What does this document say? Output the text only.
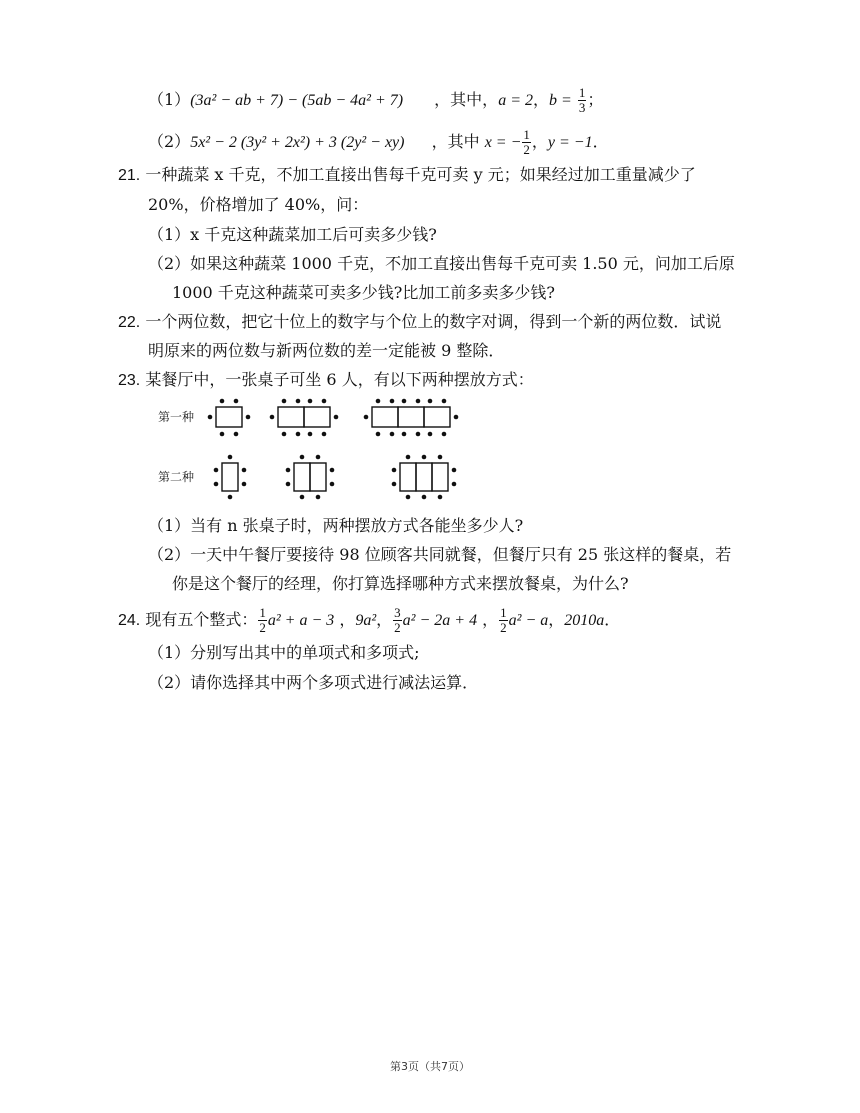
（1）(3a² − ab + 7) − (5ab − 4a² + 7) ，其中，a = 2，$b = \frac{1}{3}$ ；
（2）5x² − 2 (3y² + 2x²) + 3 (2y² − xy) ，其中 x = − $\frac{1}{2}$ ，y = −1．
21. 一种蔬菜 x 千克，不加工直接出售每千克可卖 y 元；如果经过加工重量减少了
20%，价格增加了 40%，问：
（1）x 千克这种蔬菜加工后可卖多少钱?
（2）如果这种蔬菜 1000 千克，不加工直接出售每千克可卖 1.50 元，问加工后原
1000 千克这种蔬菜可卖多少钱?比加工前多卖多少钱?
22. 一个两位数，把它十位上的数字与个位上的数字对调，得到一个新的两位数．试说
明原来的两位数与新两位数的差一定能被 9 整除．
23. 某餐厅中，一张桌子可坐 6 人，有以下两种摆放方式：
第一种
第二种
（1）当有 n 张桌子时，两种摆放方式各能坐多少人?
（2）一天中午餐厅要接待 98 位顾客共同就餐，但餐厅只有 25 张这样的餐桌，若
你是这个餐厅的经理，你打算选择哪种方式来摆放餐桌，为什么?
24. 现有五个整式： $\frac{1}{2} a^2 + a - 3$ ，9a²， $\frac{3}{2} a^2 - 2a + 4$ ， $\frac{1}{2} a^2 - a$，2010a．
（1）分别写出其中的单项式和多项式;
（2）请你选择其中两个多项式进行减法运算．
第3页（共7页）
